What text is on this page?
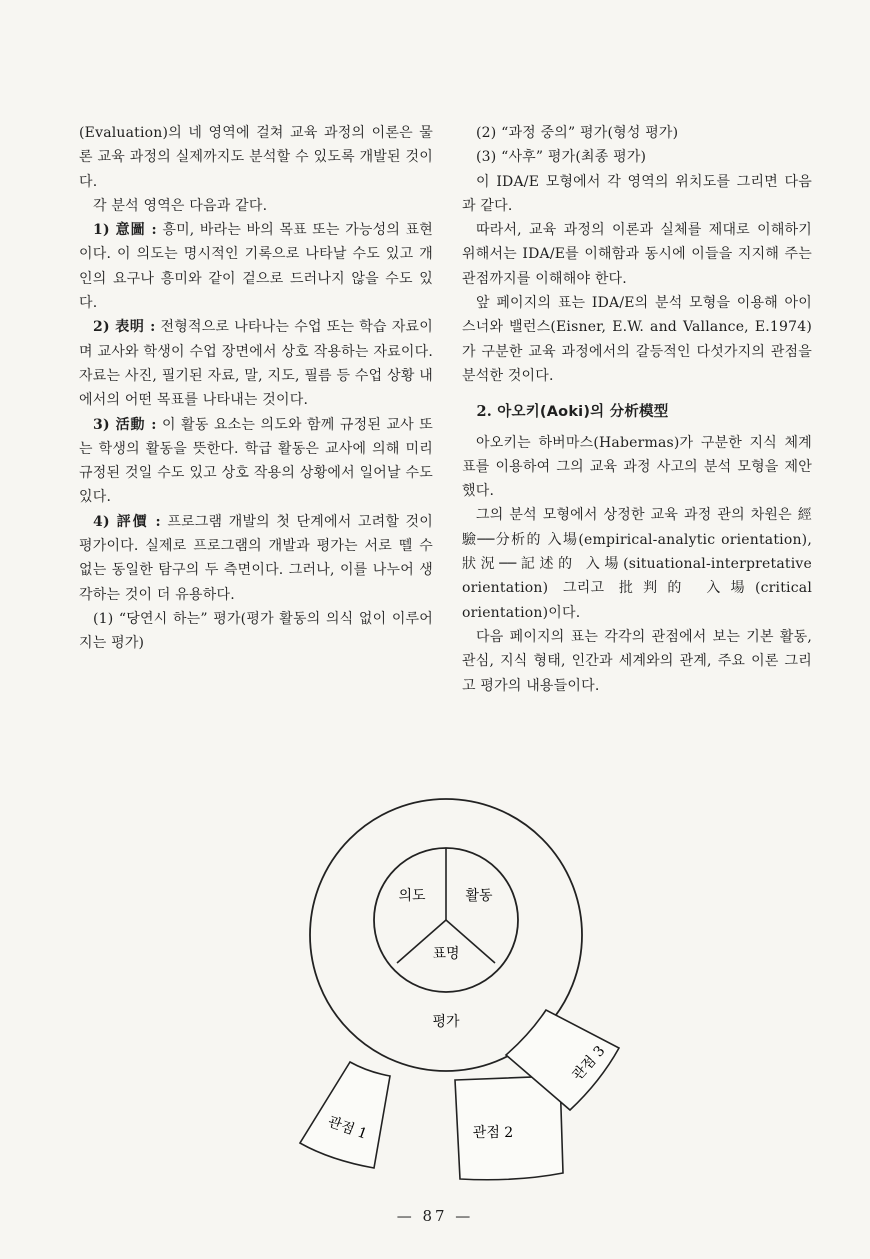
(Evaluation)의 네 영역에 걸쳐 교육 과정의 이론은 물론 교육 과정의 실제까지도 분석할 수 있도록 개발된 것이다.

각 분석 영역은 다음과 같다.

1) 意圖 : 흥미, 바라는 바의 목표 또는 가능성의 표현이다. 이 의도는 명시적인 기록으로 나타날 수도 있고 개인의 요구나 흥미와 같이 겉으로 드러나지 않을 수도 있다.

2) 表明 : 전형적으로 나타나는 수업 또는 학습 자료이며 교사와 학생이 수업 장면에서 상호 작용하는 자료이다. 자료는 사진, 필기된 자료, 말, 지도, 필름 등 수업 상황 내에서의 어떤 목표를 나타내는 것이다.

3) 活動 : 이 활동 요소는 의도와 함께 규정된 교사 또는 학생의 활동을 뜻한다. 학급 활동은 교사에 의해 미리 규정된 것일 수도 있고 상호 작용의 상황에서 일어날 수도 있다.

4) 評價 : 프로그램 개발의 첫 단계에서 고려할 것이 평가이다. 실제로 프로그램의 개발과 평가는 서로 뗄 수 없는 동일한 탐구의 두 측면이다. 그러나, 이를 나누어 생각하는 것이 더 유용하다.

(1) “당연시 하는” 평가(평가 활동의 의식 없이 이루어지는 평가)

(2) “과정 중의” 평가(형성 평가)

(3) “사후” 평가(최종 평가)

이 IDA/E 모형에서 각 영역의 위치도를 그리면 다음과 같다.

따라서, 교육 과정의 이론과 실체를 제대로 이해하기 위해서는 IDA/E를 이해함과 동시에 이들을 지지해 주는 관점까지를 이해해야 한다.

앞 페이지의 표는 IDA/E의 분석 모형을 이용해 아이스너와 밸런스(Eisner, E.W. and Vallance, E.1974)가 구분한 교육 과정에서의 갈등적인 다섯가지의 관점을 분석한 것이다.

2. 아오키(Aoki)의 分析模型

아오키는 하버마스(Habermas)가 구분한 지식 체계표를 이용하여 그의 교육 과정 사고의 분석 모형을 제안했다.

그의 분석 모형에서 상정한 교육 과정 관의 차원은 經驗──分析的 入場(empirical-analytic orientation), 狀況──記述的 入場(situational-interpretative orientation) 그리고 批判的 入場(critical orientation)이다.

다음 페이지의 표는 각각의 관점에서 보는 기본 활동, 관심, 지식 형태, 인간과 세계와의 관계, 주요 이론 그리고 평가의 내용들이다.

의도	활동
표명
평가
관점 1	관점 2
관점 3
— 87 —
